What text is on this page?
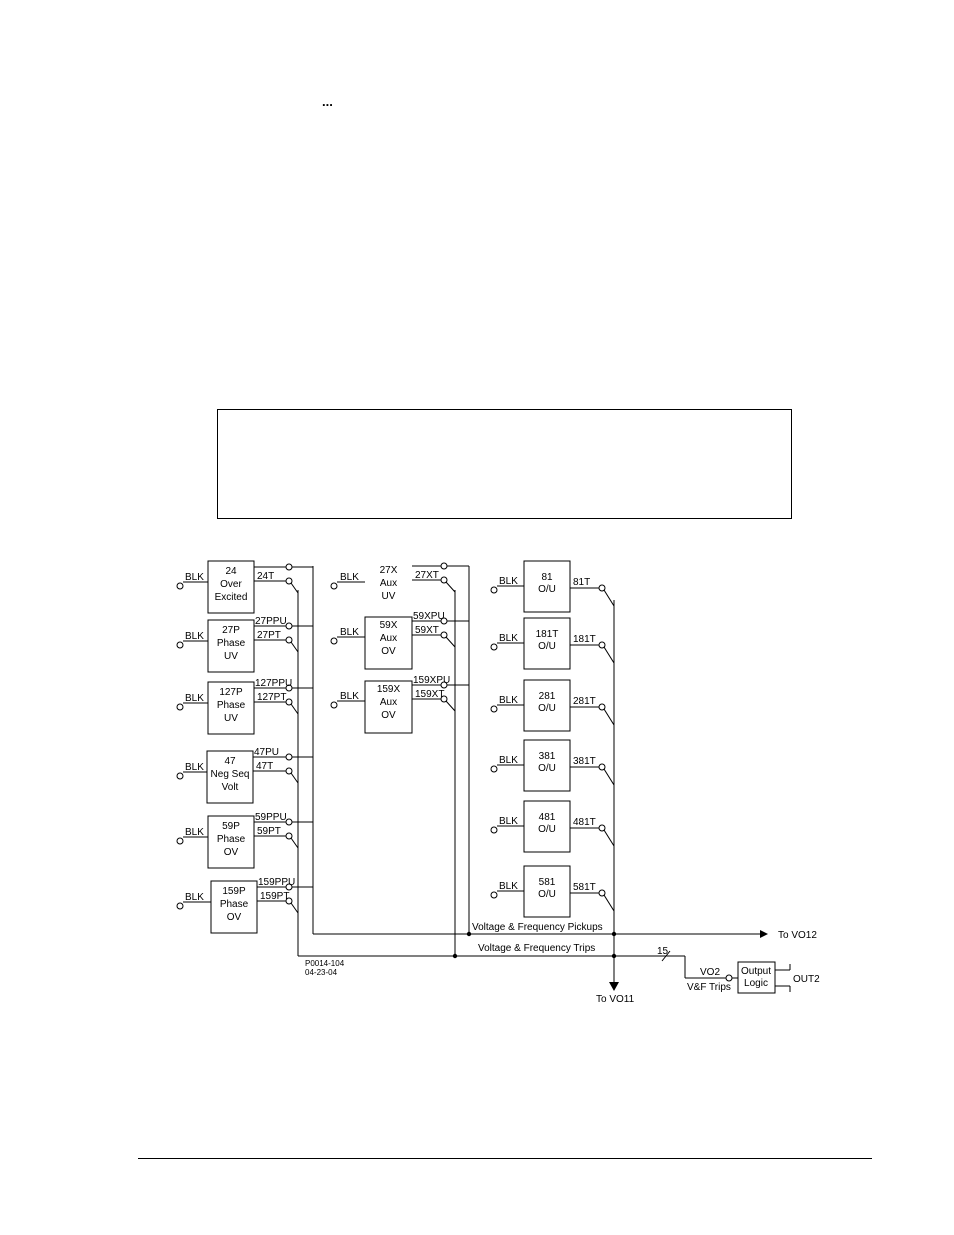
...
24
Over
Excited
BLK	24T
27P
Phase
UV
BLK
27PPU
27PT
127P
Phase
UV
BLK
127PPU
127PT
47
Neg Seq
Volt
BLK
47PU
47T
59P
Phase
OV
BLK
59PPU
59PT
159P
Phase
OV
BLK
159PPU
159PT
27X
Aux
UV
BLK	27XT
59X
Aux
OV
BLK
59XPU
59XT
159X
Aux
OV
BLK
159XPU
159XT
81
O/U
BLK	81T
181T
O/U
BLK	181T
281
O/U
BLK	281T
381
O/U
BLK	381T
481
O/U
BLK	481T
581
O/U
BLK	581T
Voltage & Frequency Pickups
Voltage & Frequency Trips
To VO12
To VO11
15
VO2
V&F Trips
Output
Logic	OUT2
P0014-104
04-23-04
